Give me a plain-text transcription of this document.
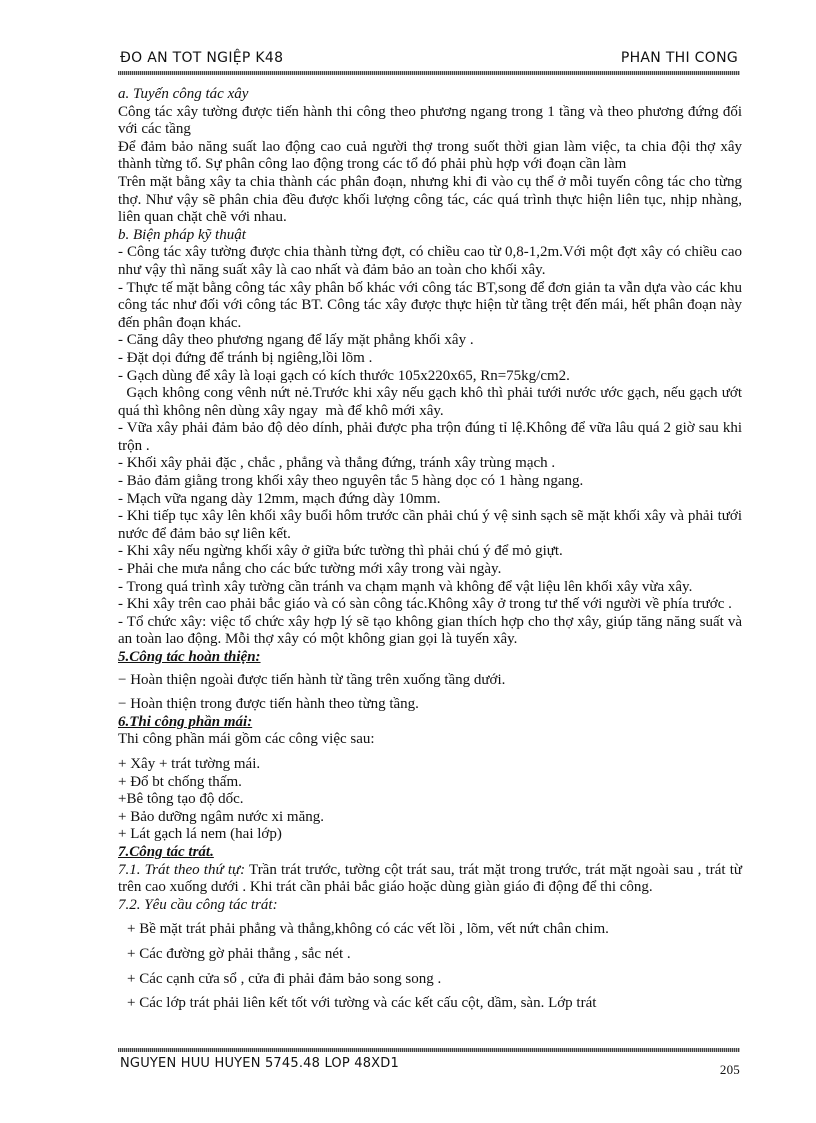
ĐO AN TOT NGIỆP K48	PHAN THI CONG

a. Tuyến công tác xây

Công tác xây tường được tiến hành thi công theo phương ngang trong 1 tầng và theo phương đứng đối với các tầng

Để đảm bảo năng suất lao động cao cuả người thợ trong suốt thời gian làm việc, ta chia đội thợ xây thành từng tổ. Sự phân công lao động trong các tổ đó phải phù hợp với đoạn cần làm

Trên mặt bằng xây ta chia thành các phân đoạn, nhưng khi đi vào cụ thể ở mỗi tuyến công tác cho từng thợ. Như vậy sẽ phân chia đều được khối lượng công tác, các quá trình thực hiện liên tục, nhịp nhàng, liên quan chặt chẽ với nhau.

b. Biện pháp kỹ thuật

- Công tác xây tường được chia thành từng đợt, có chiều cao từ 0,8-1,2m.Với một đợt xây có chiều cao như vậy thì năng suất xây là cao nhất và đảm bảo an toàn cho khối xây.

- Thực tế mặt bằng công tác xây phân bố khác với công tác BT,song để đơn giản ta vẫn dựa vào các khu công tác như đối với công tác BT. Công tác xây được thực hiện từ tầng trệt đến mái, hết phân đoạn này đến phân đoạn khác.

- Căng dây theo phương ngang để lấy mặt phẳng khối xây .

- Đặt dọi đứng để tránh bị ngiêng,lồi lõm .

- Gạch dùng để xây là loại gạch có kích thước 105x220x65, Rn=75kg/cm2.

Gạch không cong vênh nứt nẻ.Trước khi xây nếu gạch khô thì phải tưới nước ước gạch, nếu gạch ướt quá thì không nên dùng xây ngay  mà để khô mới xây.

- Vữa xây phải đảm bảo độ dẻo dính, phải được pha trộn đúng tỉ lệ.Không để vữa lâu quá 2 giờ sau khi trộn .

- Khối xây phải đặc , chắc , phẳng và thẳng đứng, tránh xây trùng mạch .

- Bảo đảm giằng trong khối xây theo nguyên tắc 5 hàng dọc có 1 hàng ngang.

- Mạch vữa ngang dày 12mm, mạch đứng dày 10mm.

- Khi tiếp tục xây lên khối xây buổi hôm trước cần phải chú ý vệ sinh sạch sẽ mặt khối xây và phải tưới nước để đảm bảo sự liên kết.

- Khi xây nếu ngừng khối xây ở giữa bức tường thì phải chú ý để mỏ giựt.

- Phải che mưa nắng cho các bức tường mới xây trong vài ngày.

- Trong quá trình xây tường cần tránh va chạm mạnh và không để vật liệu lên khối xây vừa xây.

- Khi xây trên cao phải bắc giáo và có sàn công tác.Không xây ở trong tư thế với người về phía trước .

- Tổ chức xây: việc tổ chức xây hợp lý sẽ tạo không gian thích hợp cho thợ xây, giúp tăng năng suất và an toàn lao động. Mỗi thợ xây có một không gian gọi là tuyến xây.

5.Công tác hoàn thiện:

− Hoàn thiện ngoài được tiến hành từ tầng trên xuống tầng dưới.

− Hoàn thiện trong được tiến hành theo từng tầng.

6.Thi công phần mái:

Thi công phần mái gồm các công việc sau:

+ Xây + trát tường mái.

+ Đổ bt chống thấm.

+Bê tông tạo độ dốc.

+ Bảo dưỡng ngâm nước xi măng.

+ Lát gạch lá nem (hai lớp)

7.Công tác trát.

7.1. Trát theo thứ tự: Trần trát trước, tường cột trát sau, trát mặt trong trước, trát mặt ngoài sau , trát từ trên cao xuống dưới . Khi trát cần phải bắc giáo hoặc dùng giàn giáo đi động để thi công.

7.2. Yêu cầu công tác trát:

+ Bề mặt trát phải phẳng và thẳng,không có các vết lồi , lõm, vết nứt chân chim.

+ Các đường gờ phải thẳng , sắc nét .

+ Các cạnh cửa sổ , cửa đi phải đảm bảo song song .

+ Các lớp trát phải liên kết tốt với tường và các kết cấu cột, dầm, sàn. Lớp trát

NGUYEN HUU HUYEN 5745.48 LOP 48XD1	205
